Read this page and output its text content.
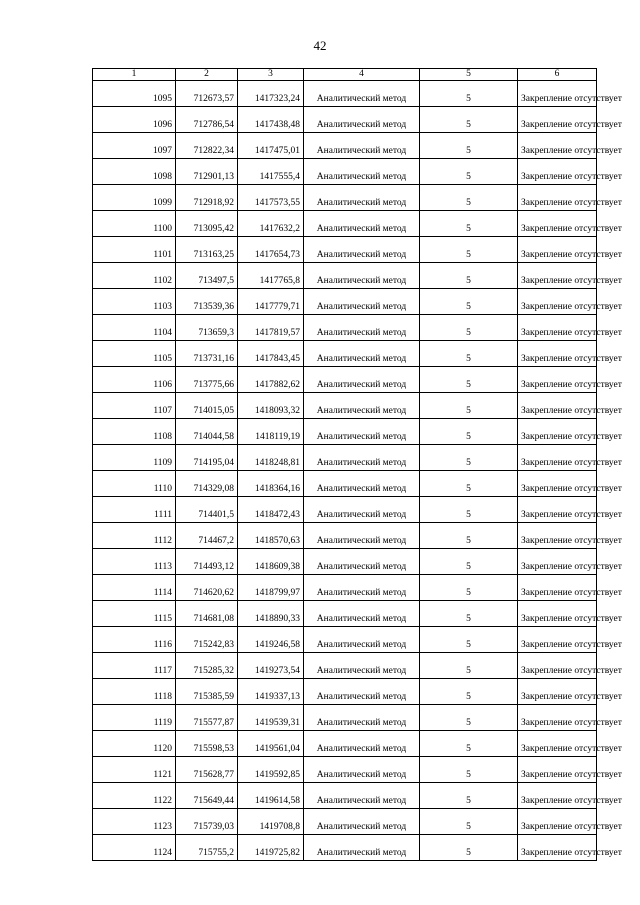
42
1	2	3	4	5	6
1095	712673,57	1417323,24	Аналитический метод	5	Закрепление отсутствует
1096	712786,54	1417438,48	Аналитический метод	5	Закрепление отсутствует
1097	712822,34	1417475,01	Аналитический метод	5	Закрепление отсутствует
1098	712901,13	1417555,4	Аналитический метод	5	Закрепление отсутствует
1099	712918,92	1417573,55	Аналитический метод	5	Закрепление отсутствует
1100	713095,42	1417632,2	Аналитический метод	5	Закрепление отсутствует
1101	713163,25	1417654,73	Аналитический метод	5	Закрепление отсутствует
1102	713497,5	1417765,8	Аналитический метод	5	Закрепление отсутствует
1103	713539,36	1417779,71	Аналитический метод	5	Закрепление отсутствует
1104	713659,3	1417819,57	Аналитический метод	5	Закрепление отсутствует
1105	713731,16	1417843,45	Аналитический метод	5	Закрепление отсутствует
1106	713775,66	1417882,62	Аналитический метод	5	Закрепление отсутствует
1107	714015,05	1418093,32	Аналитический метод	5	Закрепление отсутствует
1108	714044,58	1418119,19	Аналитический метод	5	Закрепление отсутствует
1109	714195,04	1418248,81	Аналитический метод	5	Закрепление отсутствует
1110	714329,08	1418364,16	Аналитический метод	5	Закрепление отсутствует
1111	714401,5	1418472,43	Аналитический метод	5	Закрепление отсутствует
1112	714467,2	1418570,63	Аналитический метод	5	Закрепление отсутствует
1113	714493,12	1418609,38	Аналитический метод	5	Закрепление отсутствует
1114	714620,62	1418799,97	Аналитический метод	5	Закрепление отсутствует
1115	714681,08	1418890,33	Аналитический метод	5	Закрепление отсутствует
1116	715242,83	1419246,58	Аналитический метод	5	Закрепление отсутствует
1117	715285,32	1419273,54	Аналитический метод	5	Закрепление отсутствует
1118	715385,59	1419337,13	Аналитический метод	5	Закрепление отсутствует
1119	715577,87	1419539,31	Аналитический метод	5	Закрепление отсутствует
1120	715598,53	1419561,04	Аналитический метод	5	Закрепление отсутствует
1121	715628,77	1419592,85	Аналитический метод	5	Закрепление отсутствует
1122	715649,44	1419614,58	Аналитический метод	5	Закрепление отсутствует
1123	715739,03	1419708,8	Аналитический метод	5	Закрепление отсутствует
1124	715755,2	1419725,82	Аналитический метод	5	Закрепление отсутствует
